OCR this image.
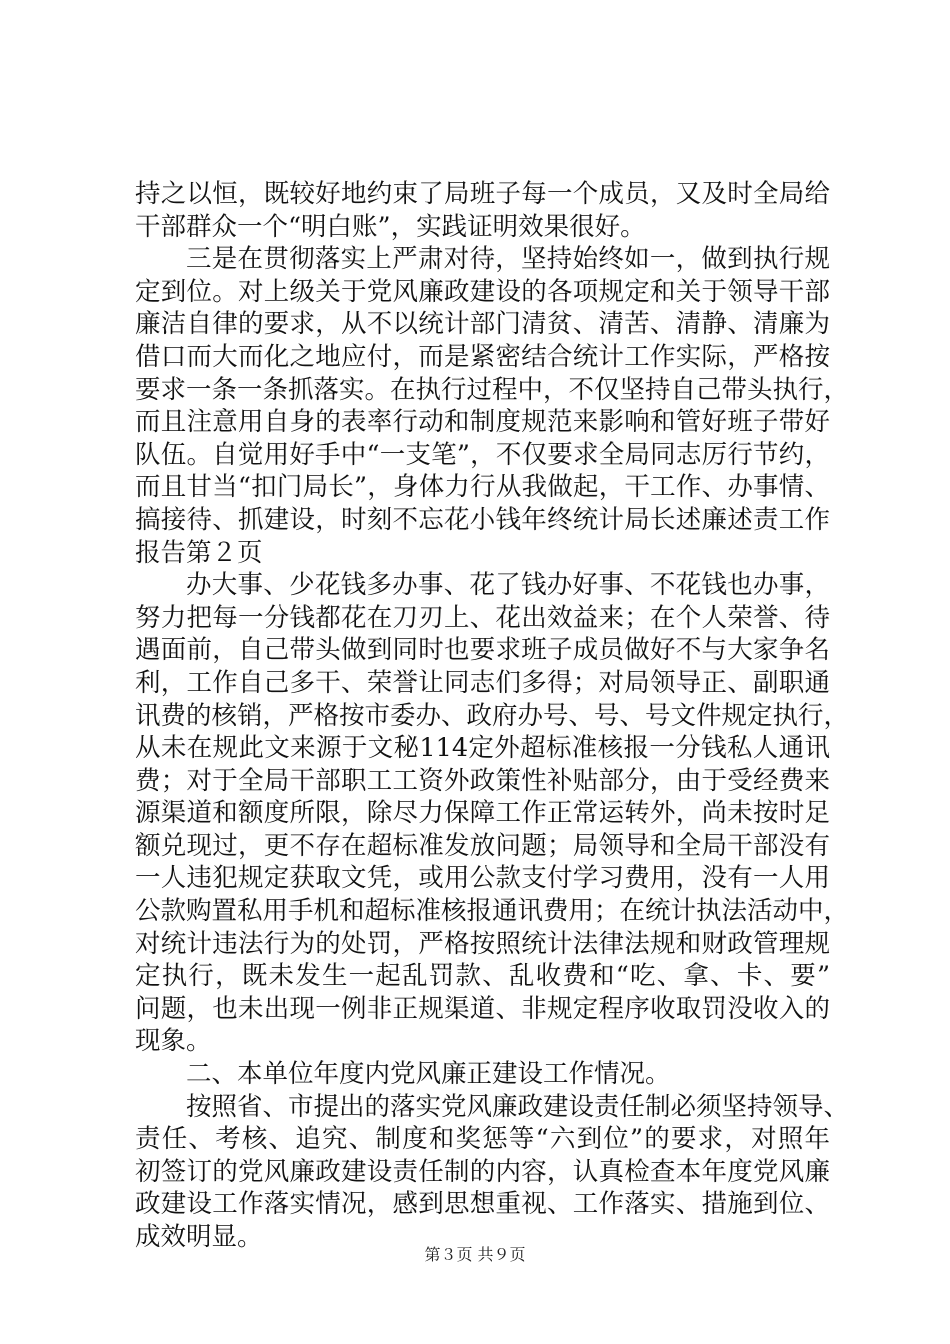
持之以恒，既较好地约束了局班子每一个成员，又及时全局给
干部群众一个“明白账”，实践证明效果很好。
三是在贯彻落实上严肃对待，坚持始终如一，做到执行规
定到位。对上级关于党风廉政建设的各项规定和关于领导干部
廉洁自律的要求，从不以统计部门清贫、清苦、清静、清廉为
借口而大而化之地应付，而是紧密结合统计工作实际，严格按
要求一条一条抓落实。在执行过程中，不仅坚持自己带头执行，
而且注意用自身的表率行动和制度规范来影响和管好班子带好
队伍。自觉用好手中“一支笔”，不仅要求全局同志厉行节约，
而且甘当“扣门局长”，身体力行从我做起，干工作、办事情、
搞接待、抓建设，时刻不忘花小钱年终统计局长述廉述责工作
报告第２页
办大事、少花钱多办事、花了钱办好事、不花钱也办事，
努力把每一分钱都花在刀刃上、花出效益来；在个人荣誉、待
遇面前，自己带头做到同时也要求班子成员做好不与大家争名
利，工作自己多干、荣誉让同志们多得；对局领导正、副职通
讯费的核销，严格按市委办、政府办号、号、号文件规定执行，
从未在规此文来源于文秘114定外超标准核报一分钱私人通讯
费；对于全局干部职工工资外政策性补贴部分，由于受经费来
源渠道和额度所限，除尽力保障工作正常运转外，尚未按时足
额兑现过，更不存在超标准发放问题；局领导和全局干部没有
一人违犯规定获取文凭，或用公款支付学习费用，没有一人用
公款购置私用手机和超标准核报通讯费用；在统计执法活动中，
对统计违法行为的处罚，严格按照统计法律法规和财政管理规
定执行，既未发生一起乱罚款、乱收费和“吃、拿、卡、要”
问题，也未出现一例非正规渠道、非规定程序收取罚没收入的
现象。
二、本单位年度内党风廉正建设工作情况。
按照省、市提出的落实党风廉政建设责任制必须坚持领导、
责任、考核、追究、制度和奖惩等“六到位”的要求，对照年
初签订的党风廉政建设责任制的内容，认真检查本年度党风廉
政建设工作落实情况，感到思想重视、工作落实、措施到位、
成效明显。
第３页 共９页
